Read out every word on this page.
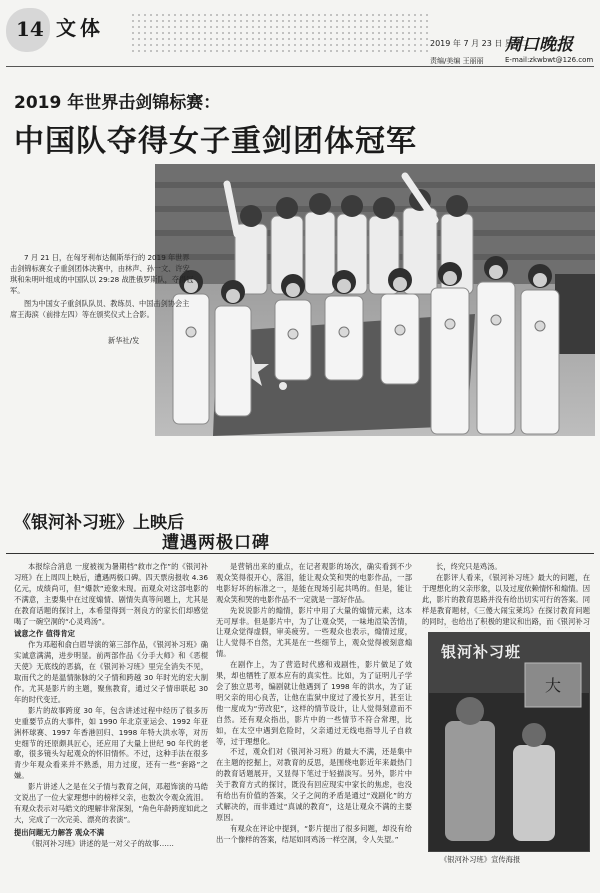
14 文体
2019 年 7 月 23 日 星期二
周口晚报
责编/美编 王丽丽	E-mail:zkwbwt@126.com
2019 年世界击剑锦标赛：
中国队夺得女子重剑团体冠军

7 月 21 日，在匈牙利布达佩斯举行的 2019 年世界击剑锦标赛女子重剑团体决赛中，由林声、孙一文、许安琪和朱明叶组成的中国队以 29:28 战胜俄罗斯队，夺得冠军。

图为中国女子重剑队队员、教练员、中国击剑协会主席王海滨（前排左四）等在颁奖仪式上合影。

新华社/发
《银河补习班》上映后
遭遇两极口碑

本报综合消息 一度被视为暑期档“救市之作”的《银河补习班》在上周四上映后，遭遇两极口碑。四天票房报收 4.36 亿元，成绩尚可，但“爆款”迹象未现。而观众对这部电影的不满意，主要集中在过度煽情、剧情失真等问题上，尤其是在教育话题的探讨上，本希望得到一剂良方的家长们却感觉喝了一碗空洞的“心灵鸡汤”。

诚意之作 值得肯定

作为邓超和俞白眉导演的第三部作品，《银河补习班》确实诚意满满，进步明显。前两部作品《分手大师》和《恶棍天使》无底线的恶搞，在《银河补习班》里完全消失不见，取而代之的是温情脉脉的父子情和跨越 30 年时光的宏大制作。尤其是影片的主题，聚焦教育，通过父子情串联起 30 年的时代变迁。

影片的故事跨度 30 年，包含讲述过程中经历了很多历史重要节点的大事件，如 1990 年北京亚运会、1992 年亚洲杯球赛、1997 年香港回归、1998 年特大洪水等，对历史细节的还原颇具匠心，还应用了大量上世纪 90 年代的老歌，很多镜头勾起观众的怀旧情怀。不过，这种手法在很多青少年观众看来并不熟悉，用力过度，还有一些“套路”之嫌。

影片讲述人之是在父子情与教育之间，邓超饰演的马皓文说出了一位大家理想中的榜样父亲，也数次令观众流泪。有观众表示对马皓文的理解非常深刻，“角色年龄跨度如此之大，完成了一次完美、漂亮的表演”。

提出问题无力解答 观众不满

《银河补习班》讲述的是一对父子的故事……

是营销出来的重点，在记者观影的场次，确实看到不少观众笑得很开心，落泪，能让观众笑和哭的电影作品，一部电影好坏的标准之一，是能在现场引起共鸣的。但是，能让观众笑和哭的电影作品不一定就是一部好作品。

先说说影片的煽情，影片中用了大量的煽情元素，这本无可厚非。但是影片中，为了让观众哭，一味地渲染苦情，让观众觉得虚假，审美疲劳。一些观众也表示，煽情过度，让人觉得不自然，尤其是在一些细节上，观众觉得被刻意煽情。

在剧作上，为了营造时代感和戏剧性，影片做足了效果，却也牺牲了原本应有的真实性。比如，为了证明儿子学会了独立思考，编剧就让他遇到了 1998 年的洪水，为了证明父亲的用心良苦，让他在监狱中度过了漫长岁月，甚至让他一度成为“劳改犯”，这样的情节设计，让人觉得刻意而不自然。还有观众指出，影片中的一些情节不符合常理，比如，在太空中遇到危险时，父亲通过无线电指导儿子自救等，过于理想化。

不过，观众们对《银河补习班》的最大不满，还是集中在主题的挖掘上，对教育的反思，是围绕电影近年来最热门的教育话题展开，又显得下笔过于轻描淡写。另外，影片中关于教育方式的探讨，既没有回应现实中家长的焦虑，也没有给出有价值的答案，父子之间的矛盾是通过“戏剧化”的方式解决的，而非通过“真诚的教育”，这是让观众不满的主要原因。

有观众在评论中提到，“影片提出了很多问题，却没有给出一个像样的答案，结尾如同鸡汤一样空洞，令人失望。”

长，终究只是鸡汤。

在影评人看来，《银河补习班》最大的问题，在于理想化的父亲形象，以及过度依赖情怀和煽情。因此，影片的教育思路并没有给出切实可行的答案。同样是教育题材，《三傻大闹宝莱坞》在探讨教育问题的同时，也给出了积极的建议和出路，而《银河补习

大
银河补习班
《银河补习班》宣传海报
